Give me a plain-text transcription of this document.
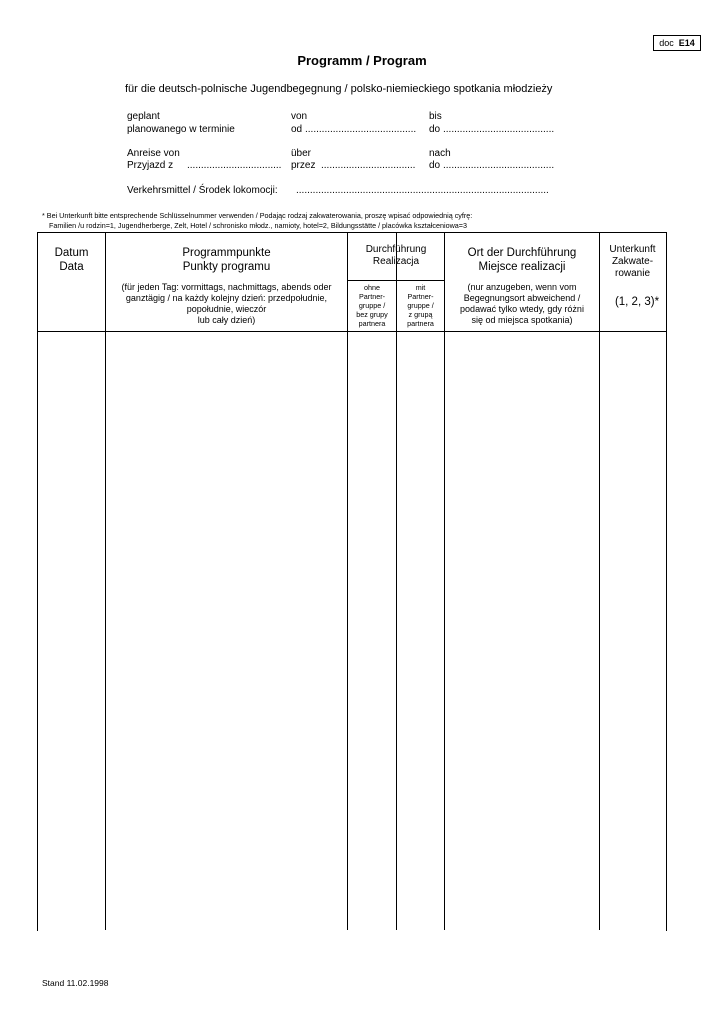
doc E14
Programm / Program
für die deutsch-polnische Jugendbegegnung / polsko-niemieckiego spotkania młodzieży
geplant
planowanego w terminie
von
od ........................................
bis
do ........................................
Anreise von
Przyjazd z ..................................
über
przez ..................................
nach
do ........................................
Verkehrsmittel / Środek lokomocji: ...........................................................................................
* Bei Unterkunft bitte entsprechende Schlüsselnummer verwenden / Podając rodzaj zakwaterowania, proszę wpisać odpowiednią cyfrę:
Familien /u rodzin=1, Jugendherberge, Zelt, Hotel / schronisko młodz., namioty, hotel=2, Bildungsstätte / placówka kształceniowa=3
Datum
Data
Programmpunkte
Punkty programu
(für jeden Tag: vormittags, nachmittags, abends oder
ganztägig / na każdy kolejny dzień: przedpołudnie,
popołudnie, wieczór
lub cały dzień)
Durchführung
Realizacja
ohne
Partner-
gruppe /
bez grupy
partnera
mit
Partner-
gruppe /
z grupą
partnera
Ort der Durchführung
Miejsce realizacji
(nur anzugeben, wenn vom
Begegnungsort abweichend /
podawać tylko wtedy, gdy różni
się od miejsca spotkania)
Unterkunft
Zakwate-
rowanie
(1, 2, 3)*
Stand 11.02.1998
